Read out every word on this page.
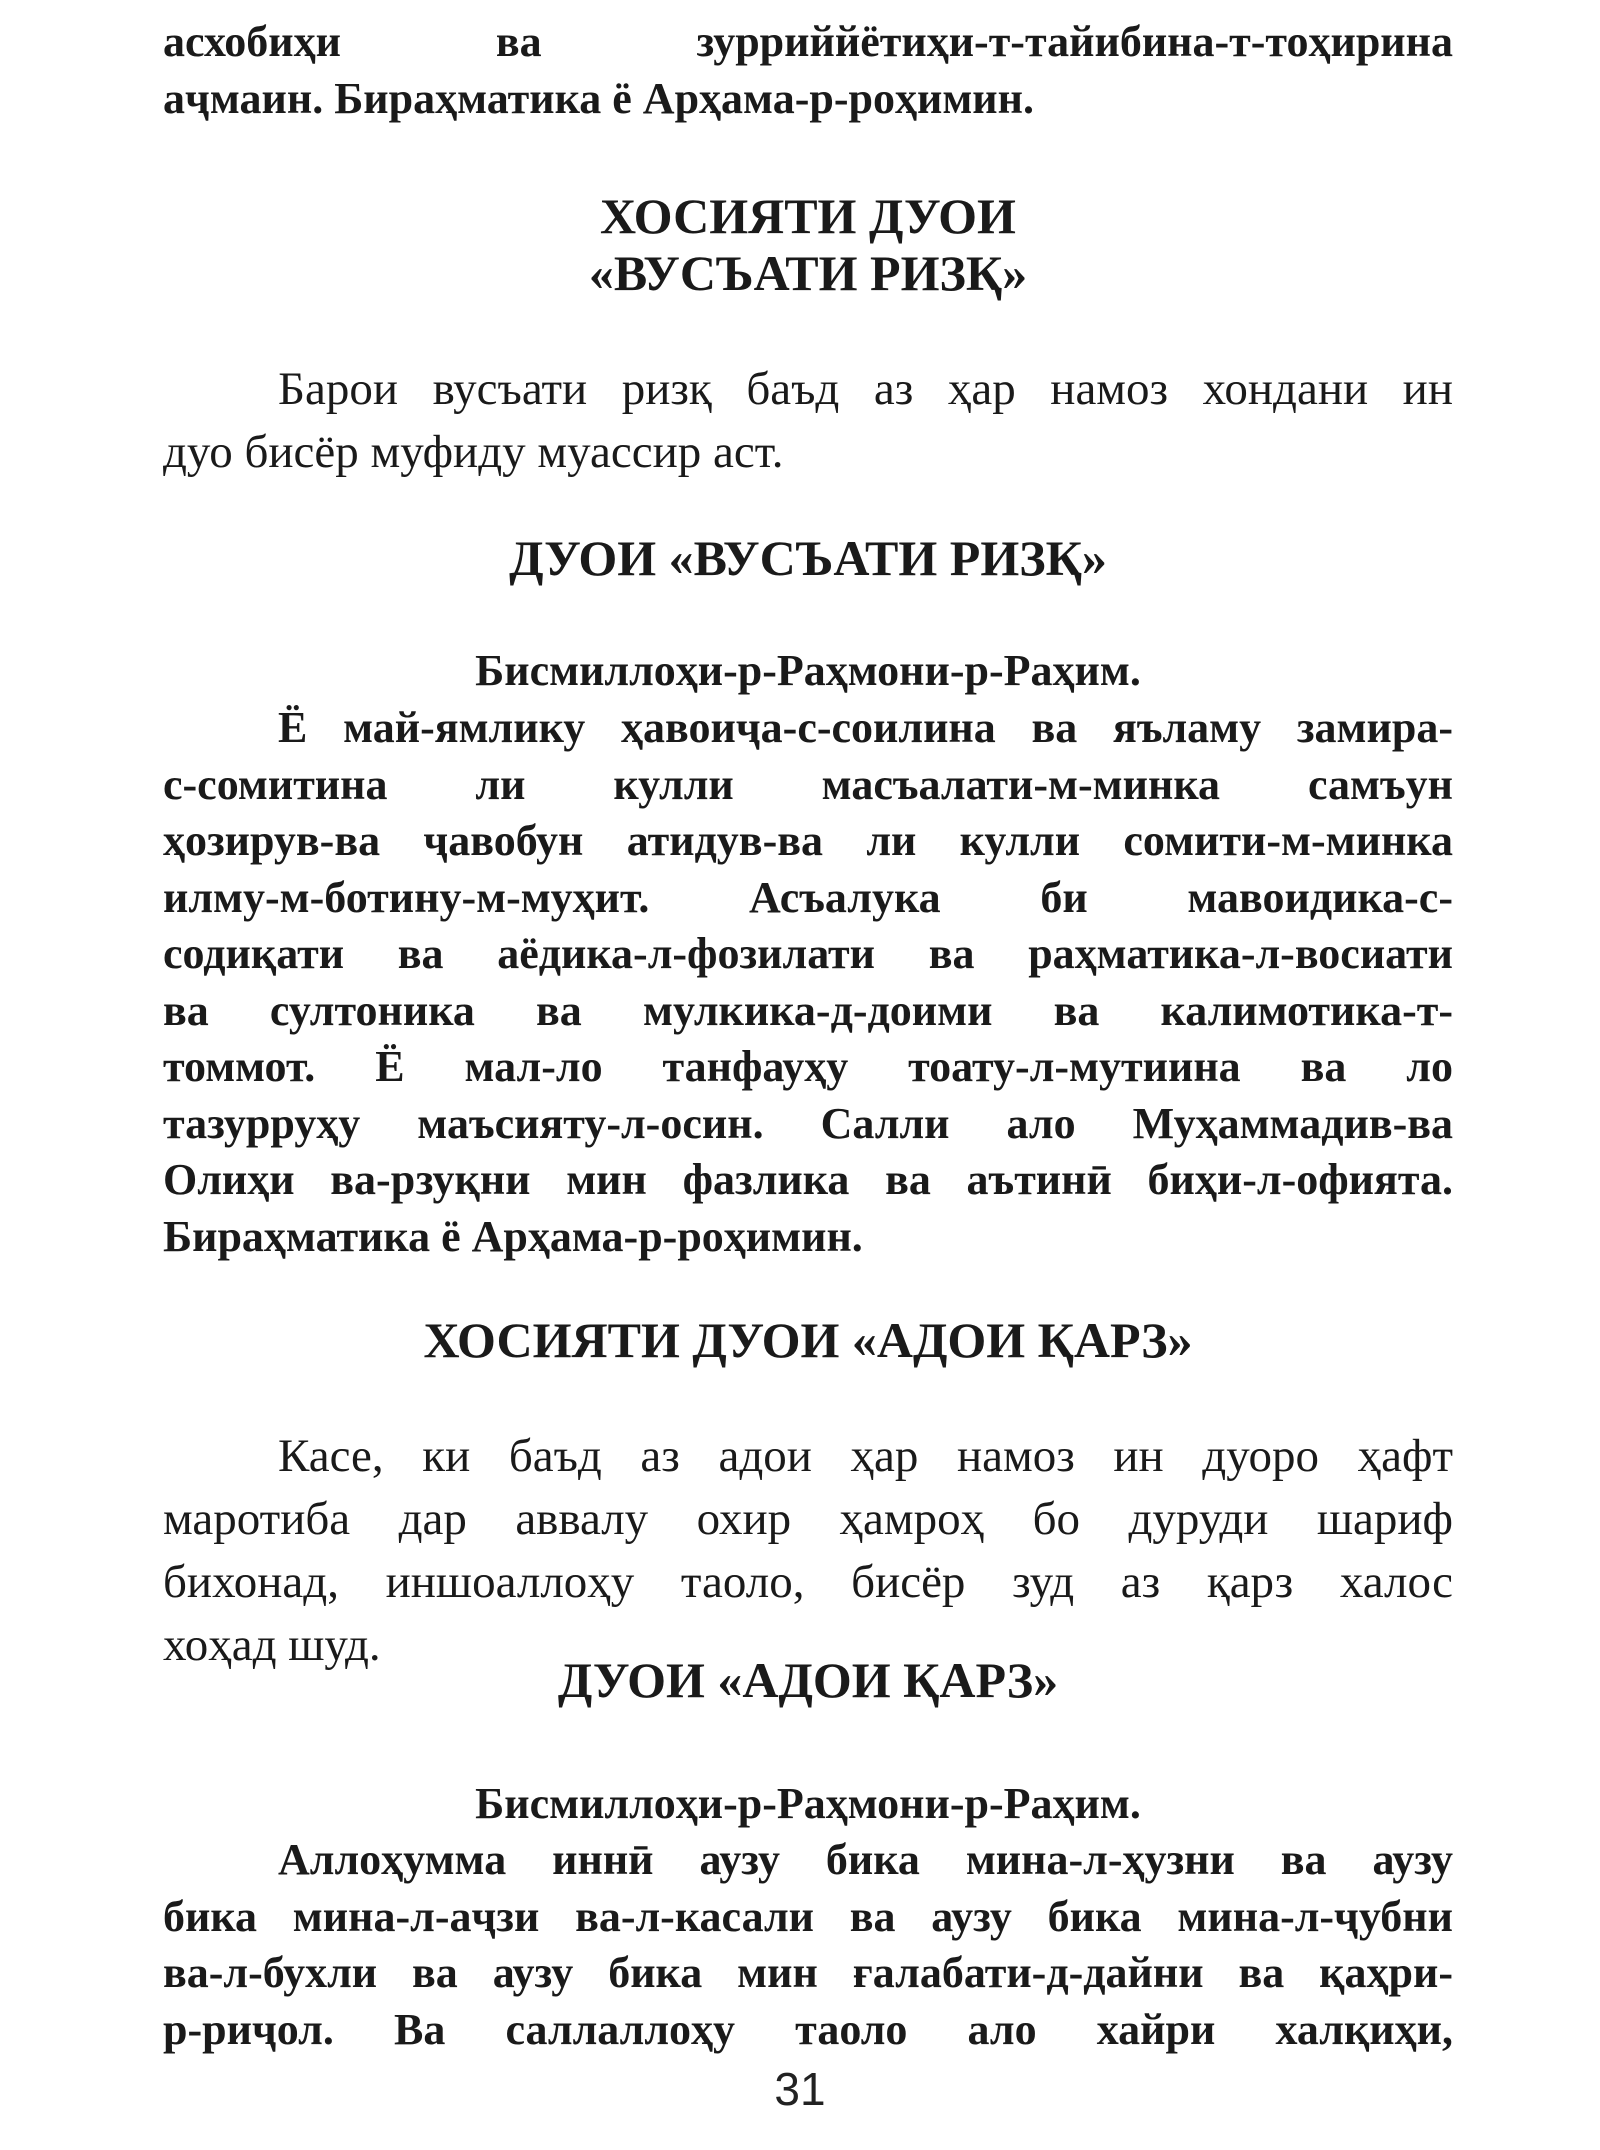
асхобиҳи ва зурриййётиҳи-т-тайибина-т-тоҳирина

аҷмаин. Бираҳматика ё Арҳама-р-роҳимин.

ХОСИЯТИ ДУОИ

«ВУСЪАТИ РИЗҚ»

Барои вусъати ризқ баъд аз ҳар намоз хондани ин

дуо бисёр муфиду муассир аст.

ДУОИ «ВУСЪАТИ РИЗҚ»

Бисмиллоҳи-р-Раҳмони-р-Раҳим.

Ё май-ямлику ҳавоиҷа-с-соилина ва яъламу замира-

с-сомитина ли кулли масъалати-м-минка самъун

ҳозирув-ва ҷавобун атидув-ва ли кулли сомити-м-минка

илму-м-ботину-м-муҳит. Асъалука би мавоидика-с-

содиқати ва аёдика-л-фозилати ва раҳматика-л-восиати

ва султоника ва мулкика-д-доими ва калимотика-т-

томмот. Ё мал-ло танфауҳу тоату-л-мутиина ва ло

тазурруҳу маъсияту-л-осин. Салли ало Муҳаммадив-ва

Олиҳи ва-рзуқни мин фазлика ва аътинӣ биҳи-л-офията.

Бираҳматика ё Арҳама-р-роҳимин.

ХОСИЯТИ ДУОИ «АДОИ ҚАРЗ»

Касе, ки баъд аз адои ҳар намоз ин дуоро ҳафт

маротиба дар аввалу охир ҳамроҳ бо дуруди шариф

бихонад, иншоаллоҳу таоло, бисёр зуд аз қарз халос

хоҳад шуд.

ДУОИ «АДОИ ҚАРЗ»

Бисмиллоҳи-р-Раҳмони-р-Раҳим.

Аллоҳумма иннӣ аузу бика мина-л-ҳузни ва аузу

бика мина-л-аҷзи ва-л-касали ва аузу бика мина-л-ҷубни

ва-л-бухли ва аузу бика мин ғалабати-д-дайни ва қаҳри-

р-риҷол. Ва саллаллоҳу таоло ало хайри халқиҳи,

31
